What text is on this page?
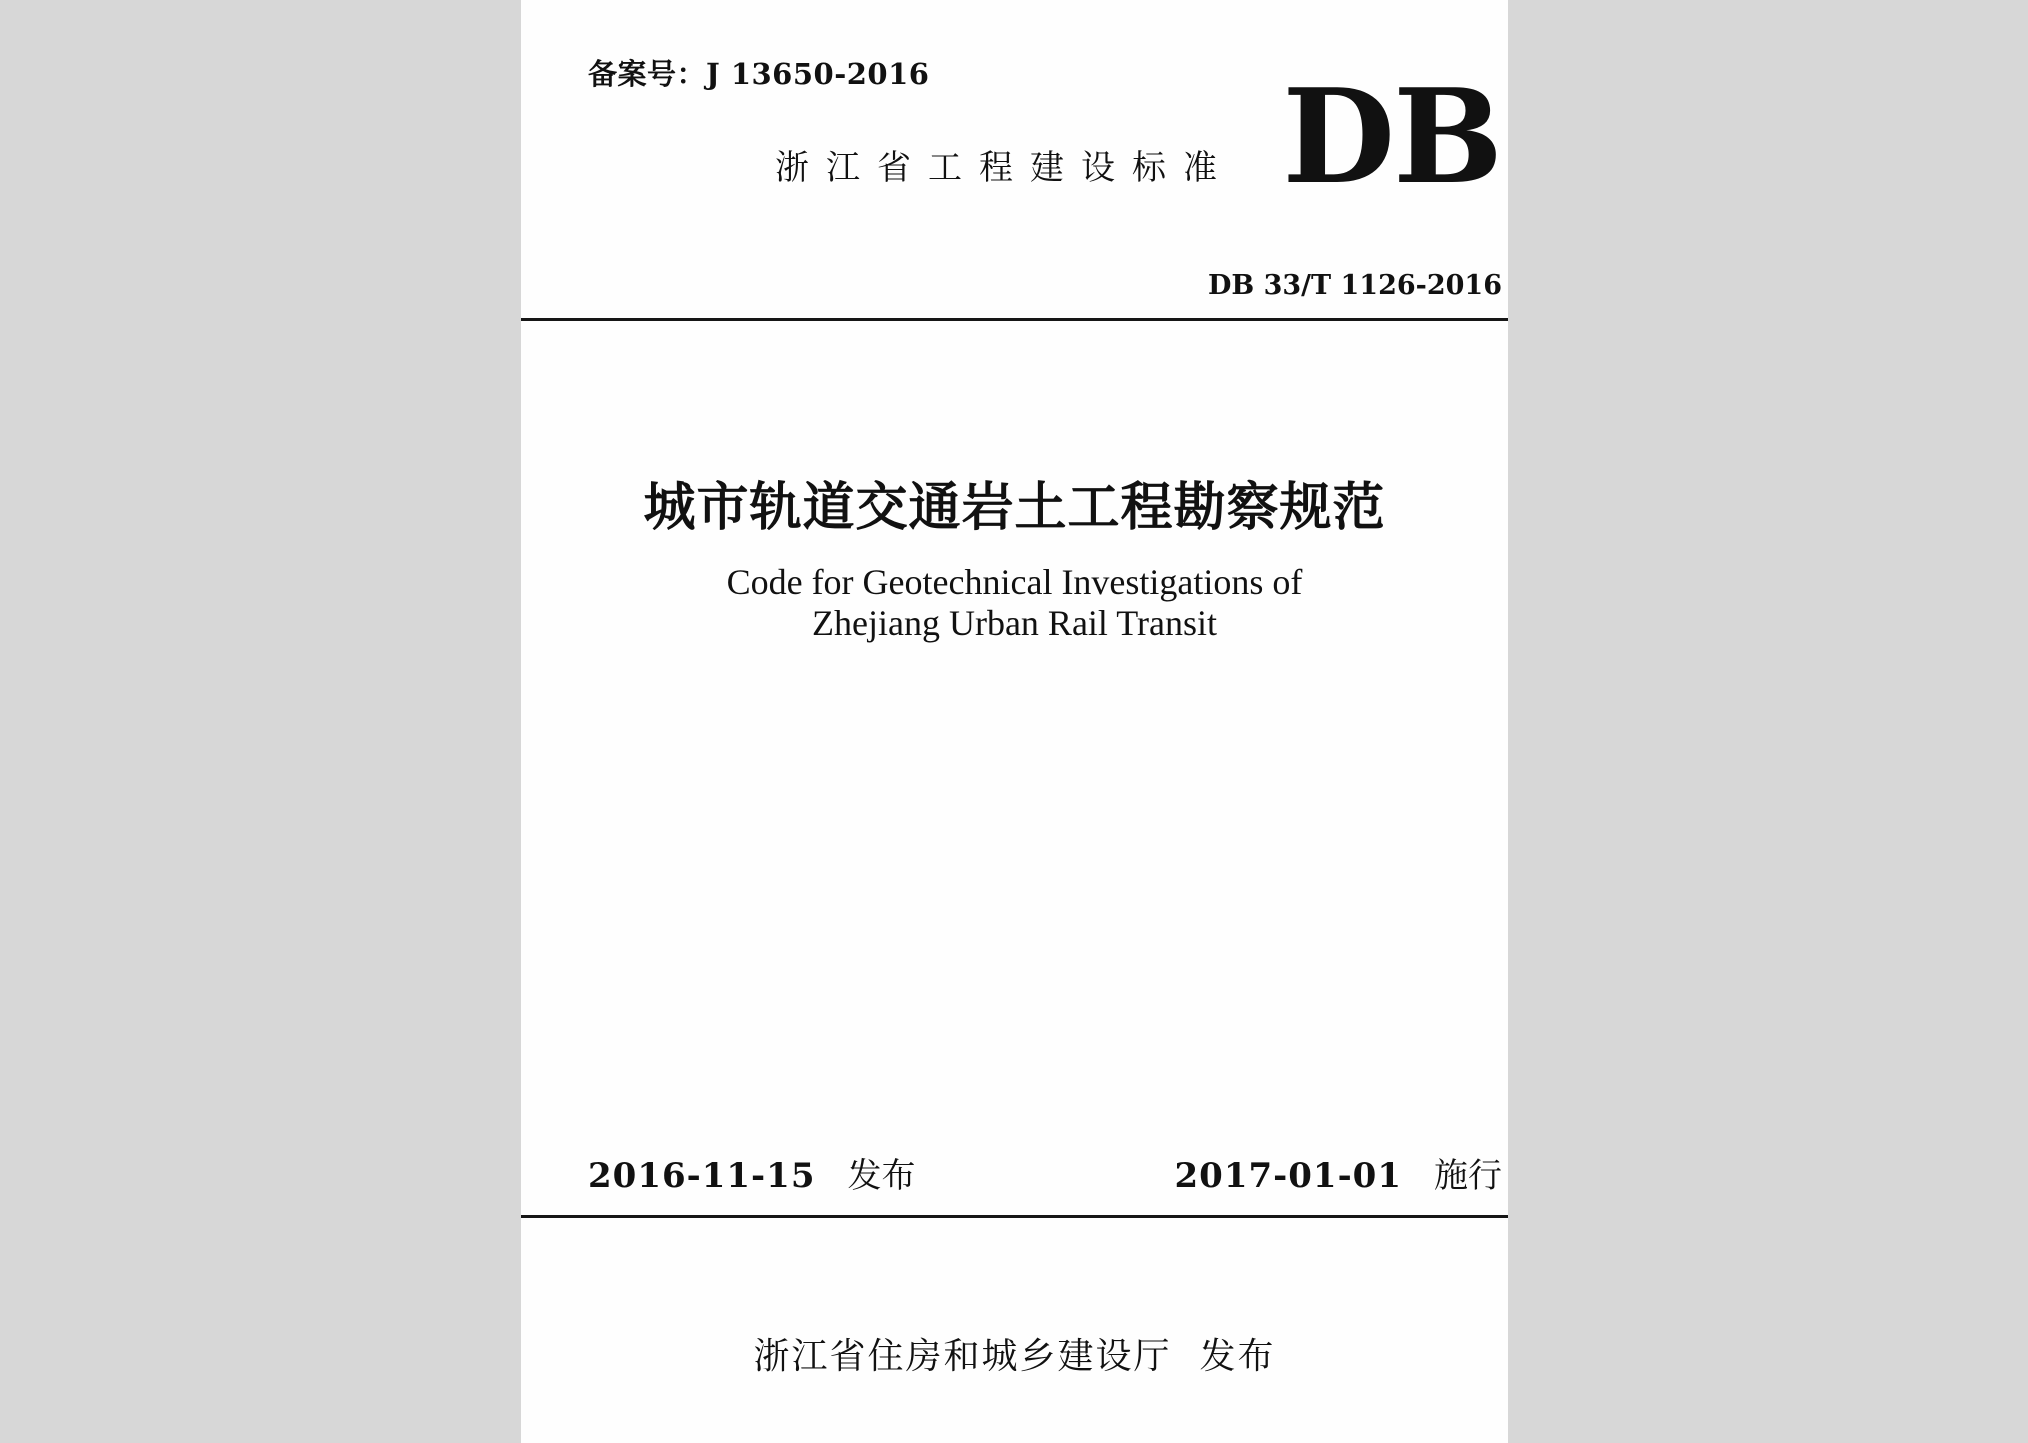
备案号：J 13650-2016
浙江省工程建设标准 DB
DB 33/T 1126-2016
城市轨道交通岩土工程勘察规范
Code for Geotechnical Investigations of
Zhejiang Urban Rail Transit
2016-11-15 发布	2017-01-01 施行
浙江省住房和城乡建设厅 发布
